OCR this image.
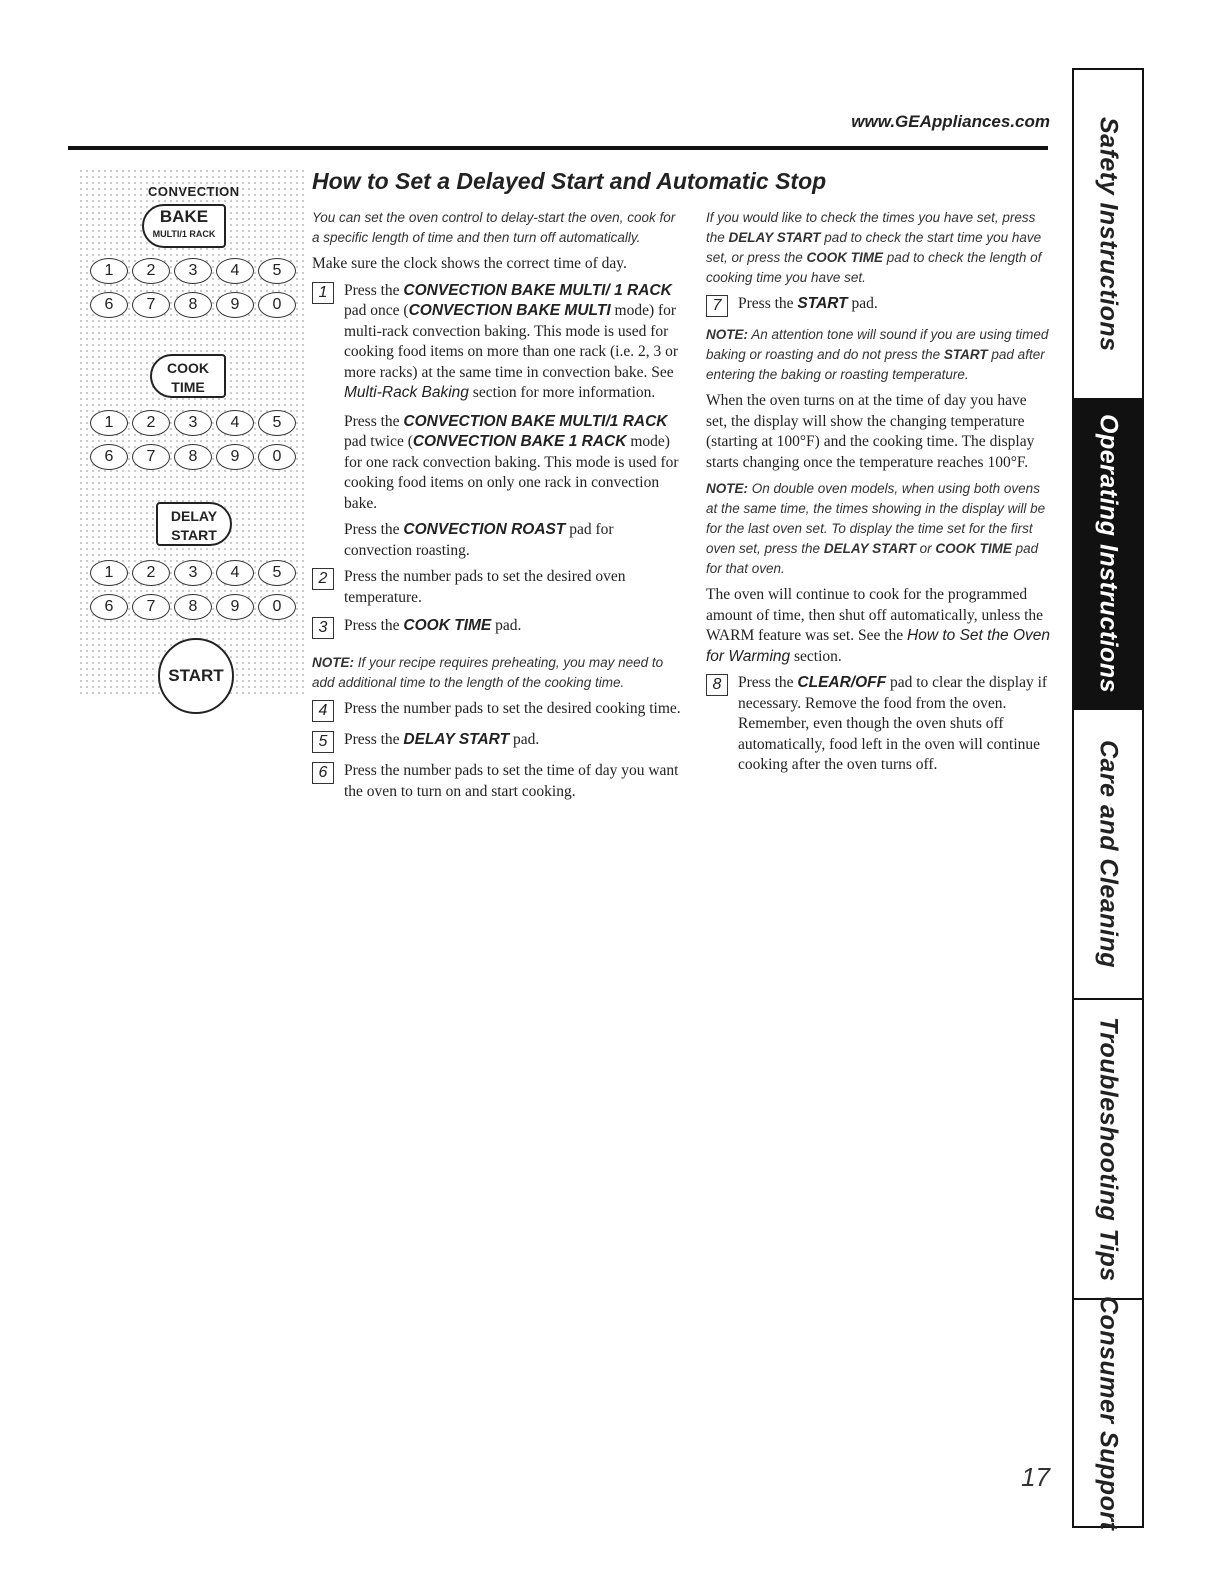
www.GEAppliances.com Safety Instructions
Operating Instructions
Care and Cleaning
Troubleshooting Tips
Consumer Support
CONVECTION
BAKE
MULTI/1 RACK
1	2	3	4	5
6	7	8	9	0
COOK
TIME
1	2	3	4	5
6	7	8	9	0
DELAY
START
1	2	3	4	5
6	7	8	9	0
START
How to Set a Delayed Start and Automatic Stop

You can set the oven control to delay-start the oven, cook for a specific length of time and then turn off automatically.

Make sure the clock shows the correct time of day.

1	Press the CONVECTION BAKE MULTI/ 1 RACK pad once (CONVECTION BAKE MULTI mode) for multi-rack convection baking. This mode is used for cooking food items on more than one rack (i.e. 2, 3 or more racks) at the same time in convection bake. See Multi-Rack Baking section for more information.

Press the CONVECTION BAKE MULTI/1 RACK pad twice (CONVECTION BAKE 1 RACK mode) for one rack convection baking. This mode is used for cooking food items on only one rack in convection bake.

Press the CONVECTION ROAST pad for convection roasting.

2	Press the number pads to set the desired oven temperature.
3	Press the COOK TIME pad.

NOTE: If your recipe requires preheating, you may need to add additional time to the length of the cooking time.

4	Press the number pads to set the desired cooking time.
5	Press the DELAY START pad.
6	Press the number pads to set the time of day you want the oven to turn on and start cooking.

If you would like to check the times you have set, press the DELAY START pad to check the start time you have set, or press the COOK TIME pad to check the length of cooking time you have set.

7	Press the START pad.

NOTE: An attention tone will sound if you are using timed baking or roasting and do not press the START pad after entering the baking or roasting temperature.

When the oven turns on at the time of day you have set, the display will show the changing temperature (starting at 100°F) and the cooking time. The display starts changing once the temperature reaches 100°F.

NOTE: On double oven models, when using both ovens at the same time, the times showing in the display will be for the last oven set. To display the time set for the first oven set, press the DELAY START or COOK TIME pad for that oven.

The oven will continue to cook for the programmed amount of time, then shut off automatically, unless the WARM feature was set. See the How to Set the Oven for Warming section.

8	Press the CLEAR/OFF pad to clear the display if necessary. Remove the food from the oven. Remember, even though the oven shuts off automatically, food left in the oven will continue cooking after the oven turns off.
17
